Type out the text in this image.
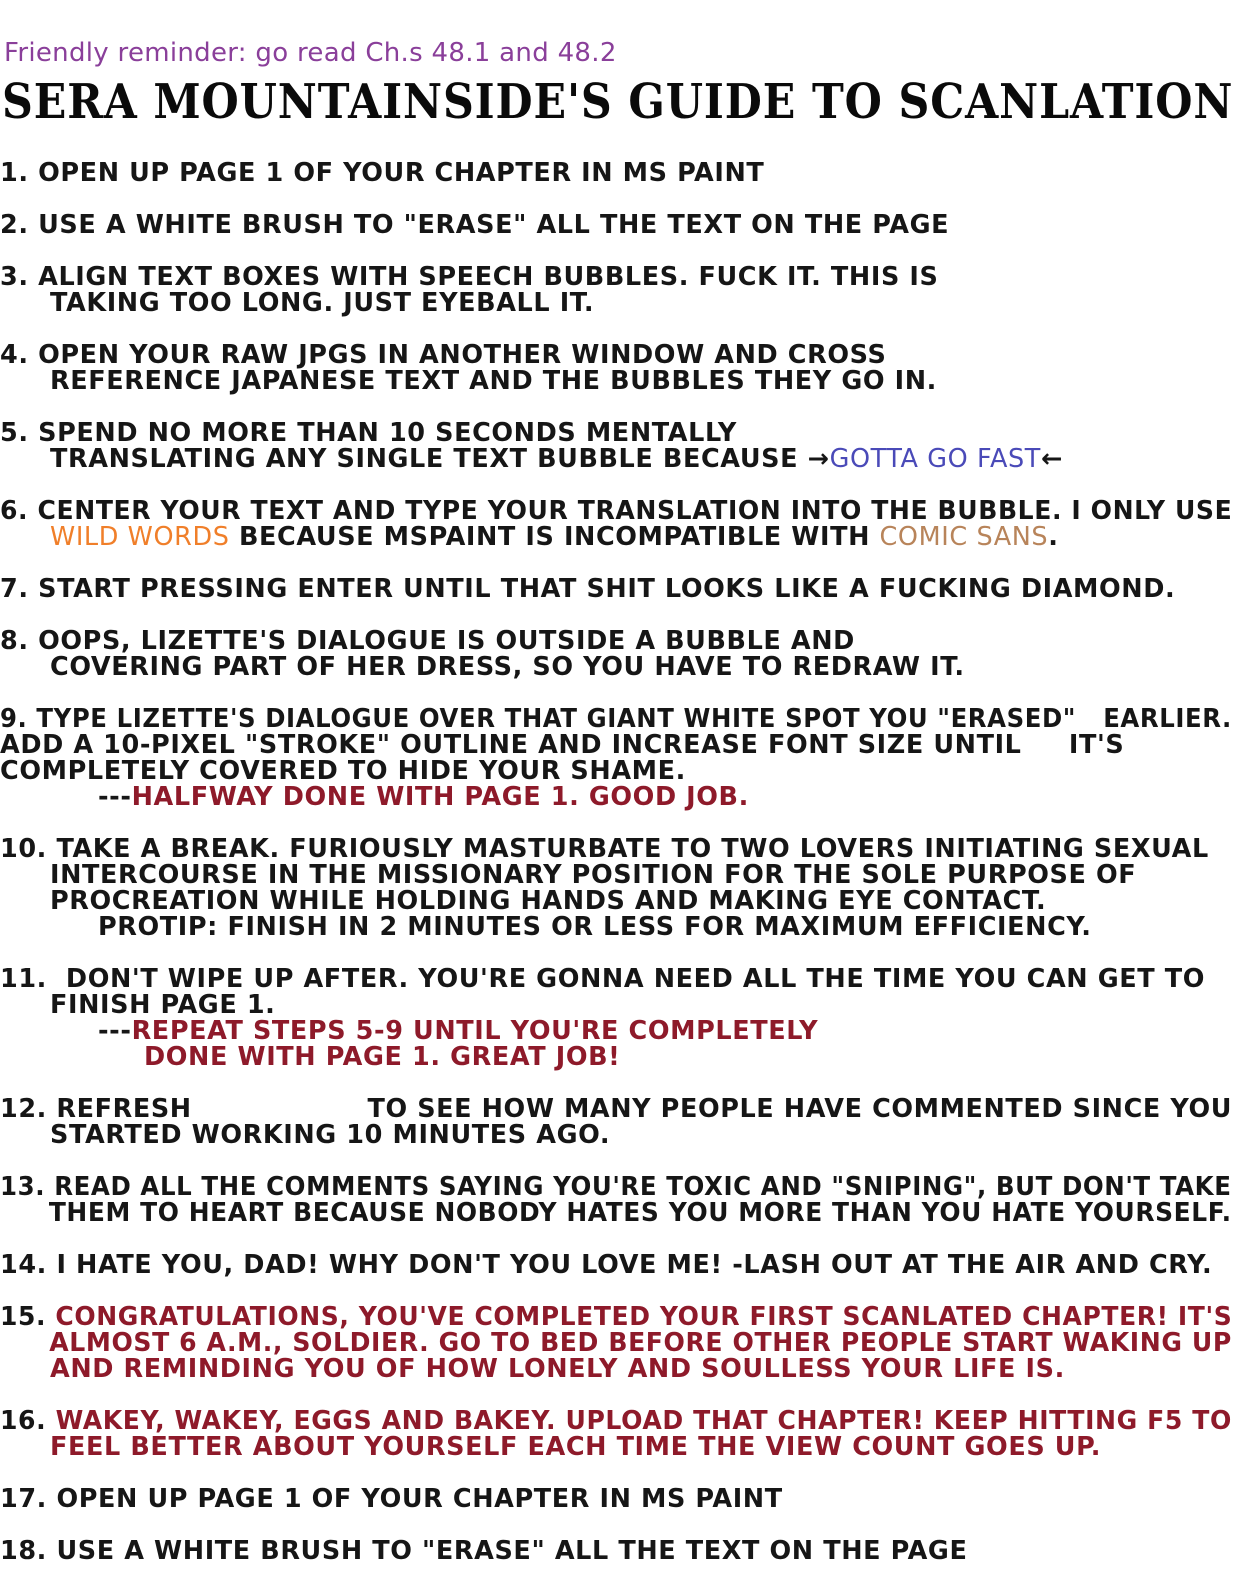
Friendly reminder: go read Ch.s 48.1 and 48.2
SERA MOUNTAINSIDE'S GUIDE TO SCANLATION
1. OPEN UP PAGE 1 OF YOUR CHAPTER IN MS PAINT
2. USE A WHITE BRUSH TO "ERASE" ALL THE TEXT ON THE PAGE
3. ALIGN TEXT BOXES WITH SPEECH BUBBLES. FUCK IT. THIS IS
TAKING TOO LONG. JUST EYEBALL IT.
4. OPEN YOUR RAW JPGS IN ANOTHER WINDOW AND CROSS
REFERENCE JAPANESE TEXT AND THE BUBBLES THEY GO IN.
5. SPEND NO MORE THAN 10 SECONDS MENTALLY
TRANSLATING ANY SINGLE TEXT BUBBLE BECAUSE →GOTTA GO FAST←
6. CENTER YOUR TEXT AND TYPE YOUR TRANSLATION INTO THE BUBBLE. I ONLY USE
WILD WORDS BECAUSE MSPAINT IS INCOMPATIBLE WITH COMIC SANS.
7. START PRESSING ENTER UNTIL THAT SHIT LOOKS LIKE A FUCKING DIAMOND.
8. OOPS, LIZETTE'S DIALOGUE IS OUTSIDE A BUBBLE AND
COVERING PART OF HER DRESS, SO YOU HAVE TO REDRAW IT.
9. TYPE LIZETTE'S DIALOGUE OVER THAT GIANT WHITE SPOT YOU "ERASED"   EARLIER.
ADD A 10-PIXEL "STROKE" OUTLINE AND INCREASE FONT SIZE UNTIL     IT'S
COMPLETELY COVERED TO HIDE YOUR SHAME.
---HALFWAY DONE WITH PAGE 1. GOOD JOB.
10. TAKE A BREAK. FURIOUSLY MASTURBATE TO TWO LOVERS INITIATING SEXUAL
INTERCOURSE IN THE MISSIONARY POSITION FOR THE SOLE PURPOSE OF
PROCREATION WHILE HOLDING HANDS AND MAKING EYE CONTACT.
PROTIP: FINISH IN 2 MINUTES OR LESS FOR MAXIMUM EFFICIENCY.
11.  DON'T WIPE UP AFTER. YOU'RE GONNA NEED ALL THE TIME YOU CAN GET TO
FINISH PAGE 1.
---REPEAT STEPS 5-9 UNTIL YOU'RE COMPLETELY
DONE WITH PAGE 1. GREAT JOB!
12. REFRESH	TO SEE HOW MANY PEOPLE HAVE COMMENTED SINCE YOU
STARTED WORKING 10 MINUTES AGO.
13. READ ALL THE COMMENTS SAYING YOU'RE TOXIC AND "SNIPING", BUT DON'T TAKE
THEM TO HEART BECAUSE NOBODY HATES YOU MORE THAN YOU HATE YOURSELF.
14. I HATE YOU, DAD! WHY DON'T YOU LOVE ME! -LASH OUT AT THE AIR AND CRY.
15. CONGRATULATIONS, YOU'VE COMPLETED YOUR FIRST SCANLATED CHAPTER! IT'S
ALMOST 6 A.M., SOLDIER. GO TO BED BEFORE OTHER PEOPLE START WAKING UP
AND REMINDING YOU OF HOW LONELY AND SOULLESS YOUR LIFE IS.
16. WAKEY, WAKEY, EGGS AND BAKEY. UPLOAD THAT CHAPTER! KEEP HITTING F5 TO
FEEL BETTER ABOUT YOURSELF EACH TIME THE VIEW COUNT GOES UP.
17. OPEN UP PAGE 1 OF YOUR CHAPTER IN MS PAINT
18. USE A WHITE BRUSH TO "ERASE" ALL THE TEXT ON THE PAGE
